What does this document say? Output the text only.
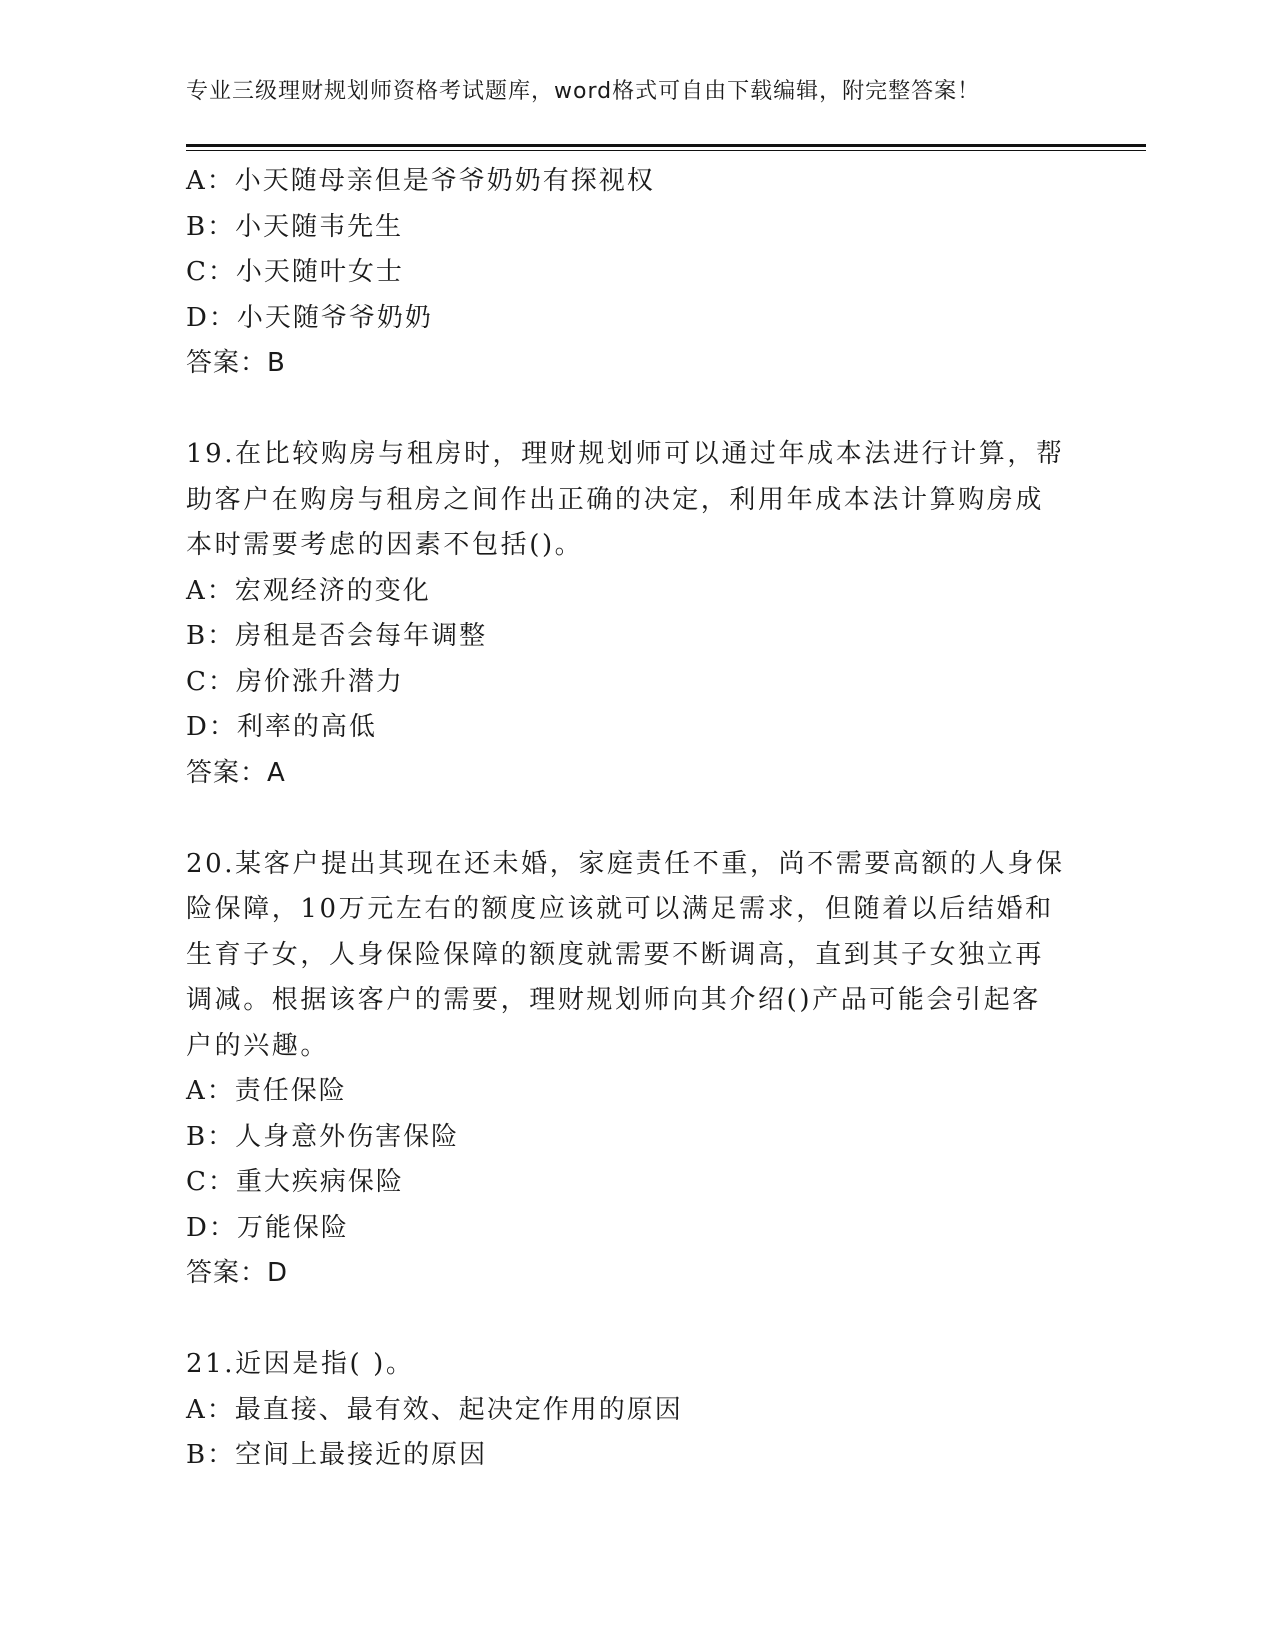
专业三级理财规划师资格考试题库，word格式可自由下载编辑，附完整答案！
A：小天随母亲但是爷爷奶奶有探视权
B：小天随韦先生
C：小天随叶女士
D：小天随爷爷奶奶
答案：B
19.在比较购房与租房时，理财规划师可以通过年成本法进行计算，帮
助客户在购房与租房之间作出正确的决定，利用年成本法计算购房成
本时需要考虑的因素不包括()。
A：宏观经济的变化
B：房租是否会每年调整
C：房价涨升潜力
D：利率的高低
答案：A
20.某客户提出其现在还未婚，家庭责任不重，尚不需要高额的人身保
险保障，10万元左右的额度应该就可以满足需求，但随着以后结婚和
生育子女，人身保险保障的额度就需要不断调高，直到其子女独立再
调减。根据该客户的需要，理财规划师向其介绍()产品可能会引起客
户的兴趣。
A：责任保险
B：人身意外伤害保险
C：重大疾病保险
D：万能保险
答案：D
21.近因是指( )。
A：最直接、最有效、起决定作用的原因
B：空间上最接近的原因
